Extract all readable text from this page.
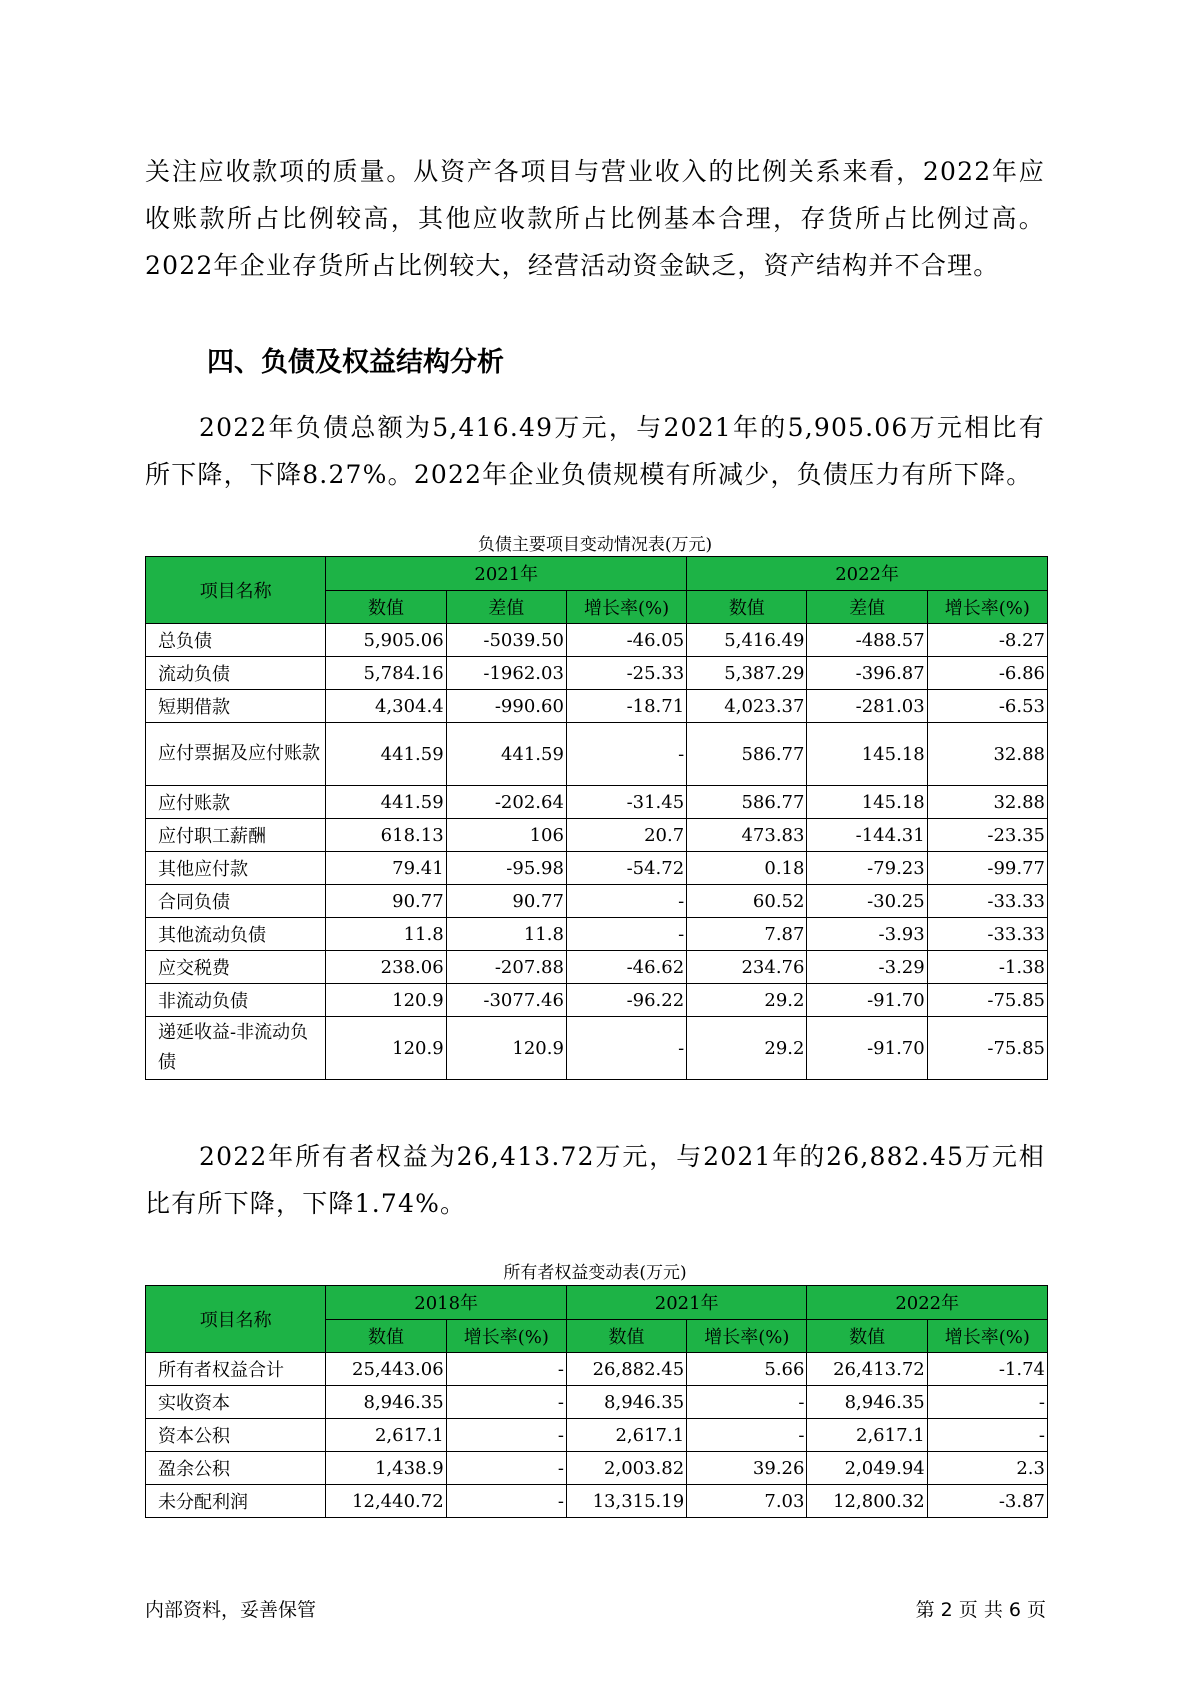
关注应收款项的质量。从资产各项目与营业收入的比例关系来看，2022年应收账款所占比例较高，其他应收款所占比例基本合理，存货所占比例过高。2022年企业存货所占比例较大，经营活动资金缺乏，资产结构并不合理。

四、负债及权益结构分析

2022年负债总额为5,416.49万元，与2021年的5,905.06万元相比有所下降，下降8.27%。2022年企业负债规模有所减少，负债压力有所下降。

负债主要项目变动情况表(万元)
项目名称	2021年			2022年		
	数值	差值	增长率(%)	数值	差值	增长率(%)
总负债	5,905.06	-5039.50	-46.05	5,416.49	-488.57	-8.27
流动负债	5,784.16	-1962.03	-25.33	5,387.29	-396.87	-6.86
短期借款	4,304.4	-990.60	-18.71	4,023.37	-281.03	-6.53
应付票据及应付账款	441.59	441.59	-	586.77	145.18	32.88
应付账款	441.59	-202.64	-31.45	586.77	145.18	32.88
应付职工薪酬	618.13	106	20.7	473.83	-144.31	-23.35
其他应付款	79.41	-95.98	-54.72	0.18	-79.23	-99.77
合同负债	90.77	90.77	-	60.52	-30.25	-33.33
其他流动负债	11.8	11.8	-	7.87	-3.93	-33.33
应交税费	238.06	-207.88	-46.62	234.76	-3.29	-1.38
非流动负债	120.9	-3077.46	-96.22	29.2	-91.70	-75.85
递延收益-非流动负债	120.9	120.9	-	29.2	-91.70	-75.85

2022年所有者权益为26,413.72万元，与2021年的26,882.45万元相比有所下降，下降1.74%。

所有者权益变动表(万元)
项目名称	2018年		2021年		2022年	
	数值	增长率(%)	数值	增长率(%)	数值	增长率(%)
所有者权益合计	25,443.06	-	26,882.45	5.66	26,413.72	-1.74
实收资本	8,946.35	-	8,946.35	-	8,946.35	-
资本公积	2,617.1	-	2,617.1	-	2,617.1	-
盈余公积	1,438.9	-	2,003.82	39.26	2,049.94	2.3
未分配利润	12,440.72	-	13,315.19	7.03	12,800.32	-3.87
内部资料，妥善保管	第 2 页 共 6 页
